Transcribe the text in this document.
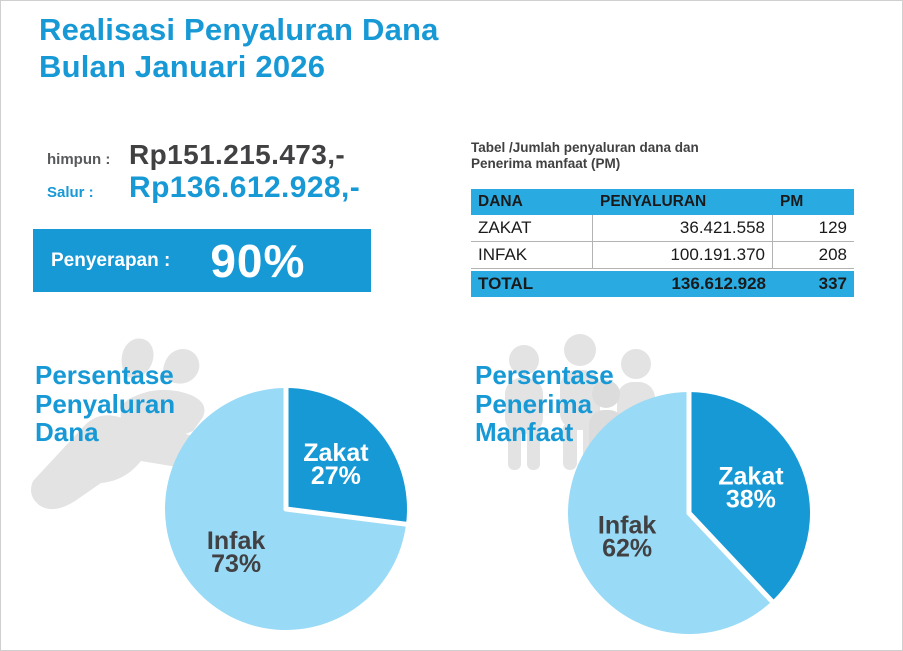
Realisasi Penyaluran Dana
Bulan Januari 2026
himpun : Rp151.215.473,-
Salur :	Rp136.612.928,-
Penyerapan : 90%
Tabel /Jumlah penyaluran dana dan
Penerima manfaat (PM)
DANA	PENYALURAN	PM
ZAKAT	36.421.558	129
INFAK	100.191.370	208
TOTAL	136.612.928	337
Persentase
Penyaluran
Dana
Persentase
Penerima
Manfaat
Zakat 27%
Infak 73%
Zakat 38%
Infak 62%
